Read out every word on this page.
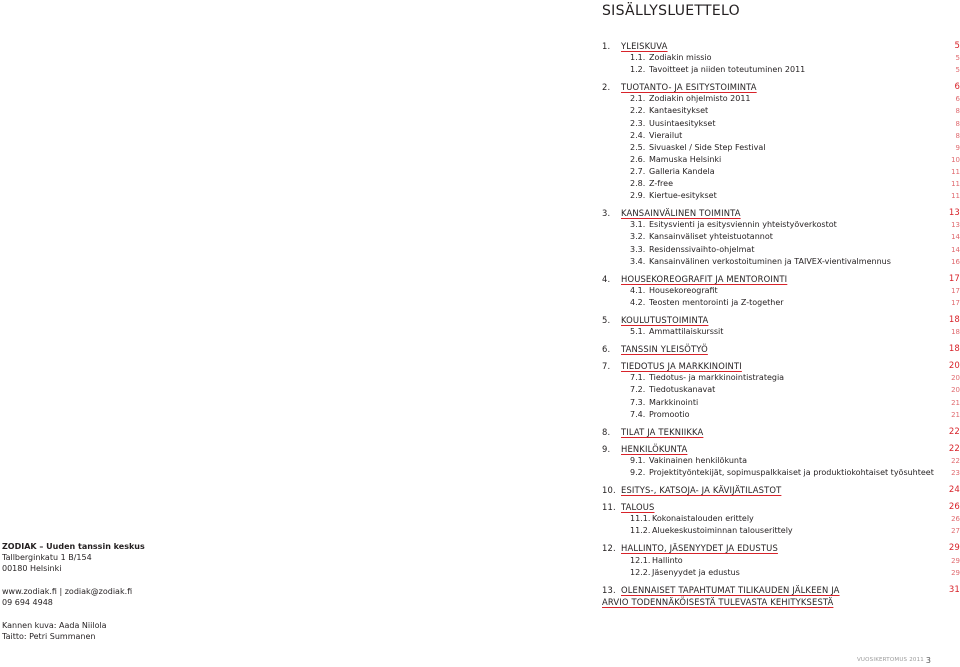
SISÄLLYSLUETTELO
1. YLEISKUVA	5
1.1. Zodiakin missio	5
1.2. Tavoitteet ja niiden toteutuminen 2011	5
2. TUOTANTO- JA ESITYSTOIMINTA	6
2.1. Zodiakin ohjelmisto 2011	6
2.2. Kantaesitykset	8
2.3. Uusintaesitykset	8
2.4. Vierailut	8
2.5. Sivuaskel / Side Step Festival	9
2.6. Mamuska Helsinki	10
2.7. Galleria Kandela	11
2.8. Z-free	11
2.9. Kiertue-esitykset	11
3. KANSAINVÄLINEN TOIMINTA	13
3.1. Esitysvienti ja esitysviennin yhteistyöverkostot	13
3.2. Kansainväliset yhteistuotannot	14
3.3. Residenssivaihto-ohjelmat	14
3.4. Kansainvälinen verkostoituminen ja TAIVEX-vientivalmennus	16
4. HOUSEKOREOGRAFIT JA MENTOROINTI	17
4.1. Housekoreografit	17
4.2. Teosten mentorointi ja Z-together	17
5. KOULUTUSTOIMINTA	18
5.1. Ammattilaiskurssit	18
6. TANSSIN YLEISÖTYÖ	18
7. TIEDOTUS JA MARKKINOINTI	20
7.1. Tiedotus- ja markkinointistrategia	20
7.2. Tiedotuskanavat	20
7.3. Markkinointi	21
7.4. Promootio	21
8. TILAT JA TEKNIIKKA	22
9. HENKILÖKUNTA	22
9.1. Vakinainen henkilökunta	22
9.2. Projektityöntekijät, sopimuspalkkaiset ja produktiokohtaiset työsuhteet 23
10. ESITYS-, KATSOJA- JA KÄVIJÄTILASTOT	24
11. TALOUS	26
11.1. Kokonaistalouden erittely	26
11.2. Aluekeskustoiminnan talouserittely	27
12. HALLINTO, JÄSENYYDET JA EDUSTUS	29
12.1. Hallinto	29
12.2. Jäsenyydet ja edustus	29
13. OLENNAISET TAPAHTUMAT TILIKAUDEN JÄLKEEN JA	31
ARVIO TODENNÄKÖISESTÄ TULEVASTA KEHITYKSESTÄ
ZODIAK – Uuden tanssin keskus
Tallberginkatu 1 B/154
00180 Helsinki
www.zodiak.fi | zodiak@zodiak.fi
09 694 4948
Kannen kuva: Aada Niilola
Taitto: Petri Summanen
VUOSIKERTOMUS 2011 3
